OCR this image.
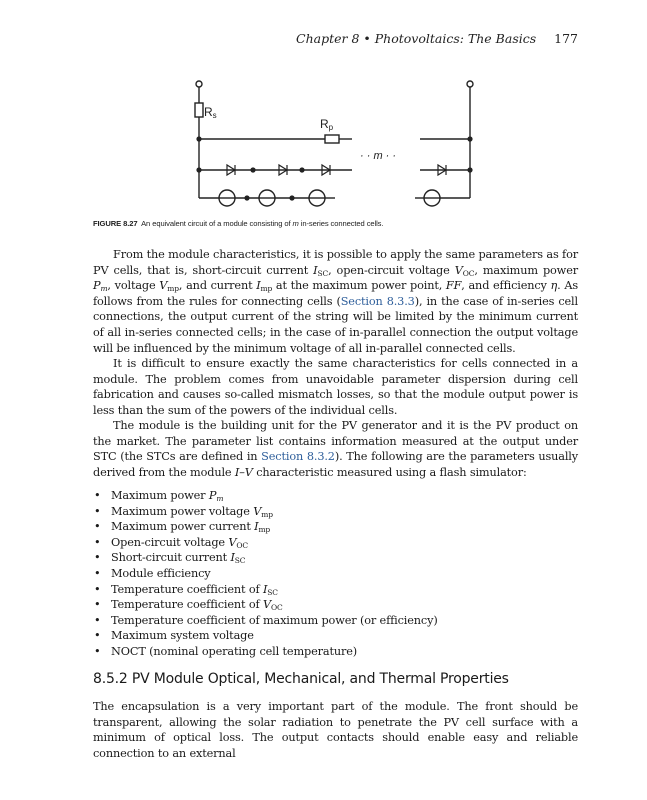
Chapter 8 • Photovoltaics: The Basics 177
Rs
Rp
· · m · ·
FIGURE 8.27 An equivalent circuit of a module consisting of m in-series connected cells.

From the module characteristics, it is possible to apply the same parameters as for PV cells, that is, short-circuit current $I_{SC}$, open-circuit voltage $V_{OC}$, maximum power $P_m$, voltage $V_{mp}$, and current $I_{mp}$ at the maximum power point, FF, and efficiency η. As follows from the rules for connecting cells (Section 8.3.3), in the case of in-series cell connections, the output current of the string will be limited by the minimum current of all in-series connected cells; in the case of in-parallel connection the output voltage will be influenced by the minimum voltage of all in-parallel connected cells.

It is difficult to ensure exactly the same characteristics for cells connected in a module. The problem comes from unavoidable parameter dispersion during cell fabrication and causes so-called mismatch losses, so that the module output power is less than the sum of the powers of the individual cells.

The module is the building unit for the PV generator and it is the PV product on the market. The parameter list contains information measured at the output under STC (the STCs are defined in Section 8.3.2). The following are the parameters usually derived from the module I–V characteristic measured using a flash simulator:

• Maximum power $P_m$
• Maximum power voltage $V_{mp}$
• Maximum power current $I_{mp}$
• Open-circuit voltage $V_{OC}$
• Short-circuit current $I_{SC}$
• Module efficiency
• Temperature coefficient of $I_{SC}$
• Temperature coefficient of $V_{OC}$
• Temperature coefficient of maximum power (or efficiency)
• Maximum system voltage
• NOCT (nominal operating cell temperature)
8.5.2 PV Module Optical, Mechanical, and Thermal Properties

The encapsulation is a very important part of the module. The front should be transparent, allowing the solar radiation to penetrate the PV cell surface with a minimum of optical loss. The output contacts should enable easy and reliable connection to an external
